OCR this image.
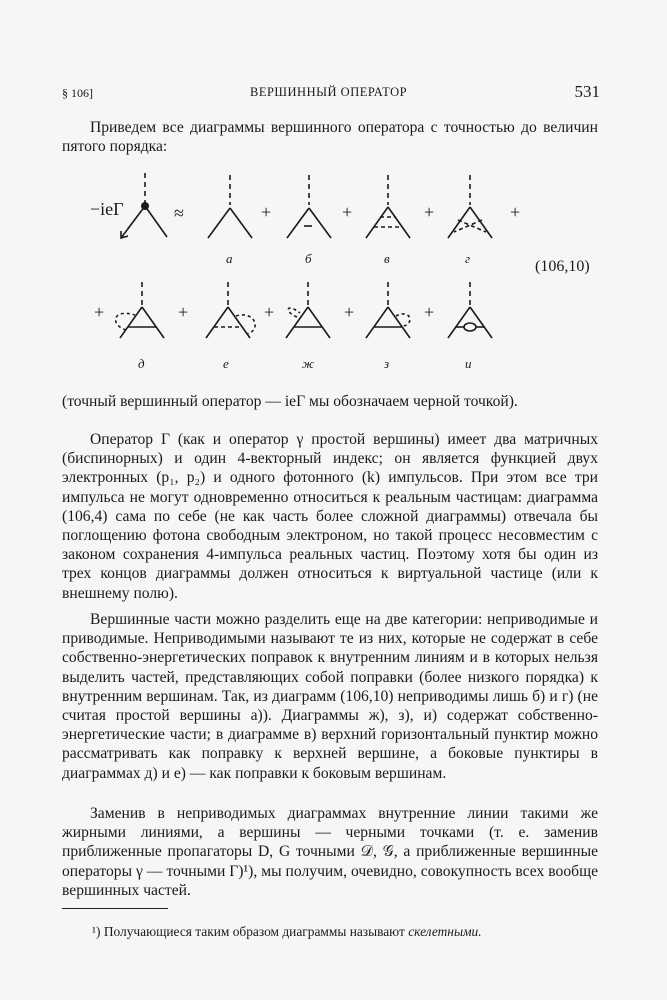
§ 106]	ВЕРШИННЫЙ ОПЕРАТОР	531

Приведем все диаграммы вершинного оператора с точностью до величин пятого порядка:

−ieΓ	≈	+
а
+
б
+
в
+
г
+	+
д
+
е
+
ж
+
з	и
(106,10)

(точный вершинный оператор — ieΓ мы обозначаем черной точкой).

Оператор Γ (как и оператор γ простой вершины) имеет два матричных (биспинорных) и один 4-векторный индекс; он является функцией двух электронных (p₁, p₂) и одного фотонного (k) импульсов. При этом все три импульса не могут одновременно относиться к реальным частицам: диаграмма (106,4) сама по себе (не как часть более сложной диаграммы) отвечала бы поглощению фотона свободным электроном, но такой процесс несовместим с законом сохранения 4-импульса реальных частиц. Поэтому хотя бы один из трех концов диаграммы должен относиться к виртуальной частице (или к внешнему полю).

Вершинные части можно разделить еще на две категории: неприводимые и приводимые. Неприводимыми называют те из них, которые не содержат в себе собственно-энергетических поправок к внутренним линиям и в которых нельзя выделить частей, представляющих собой поправки (более низкого порядка) к внутренним вершинам. Так, из диаграмм (106,10) неприводимы лишь б) и г) (не считая простой вершины а)). Диаграммы ж), з), и) содержат собственно-энергетические части; в диаграмме в) верхний горизонтальный пунктир можно рассматривать как поправку к верхней вершине, а боковые пунктиры в диаграммах д) и е) — как поправки к боковым вершинам.

Заменив в неприводимых диаграммах внутренние линии такими же жирными линиями, а вершины — черными точками (т. е. заменив приближенные пропагаторы D, G точными 𝒟, 𝒢, а приближенные вершинные операторы γ — точными Γ)¹), мы получим, очевидно, совокупность всех вообще вершинных частей.

¹) Получающиеся таким образом диаграммы называют скелетными.
